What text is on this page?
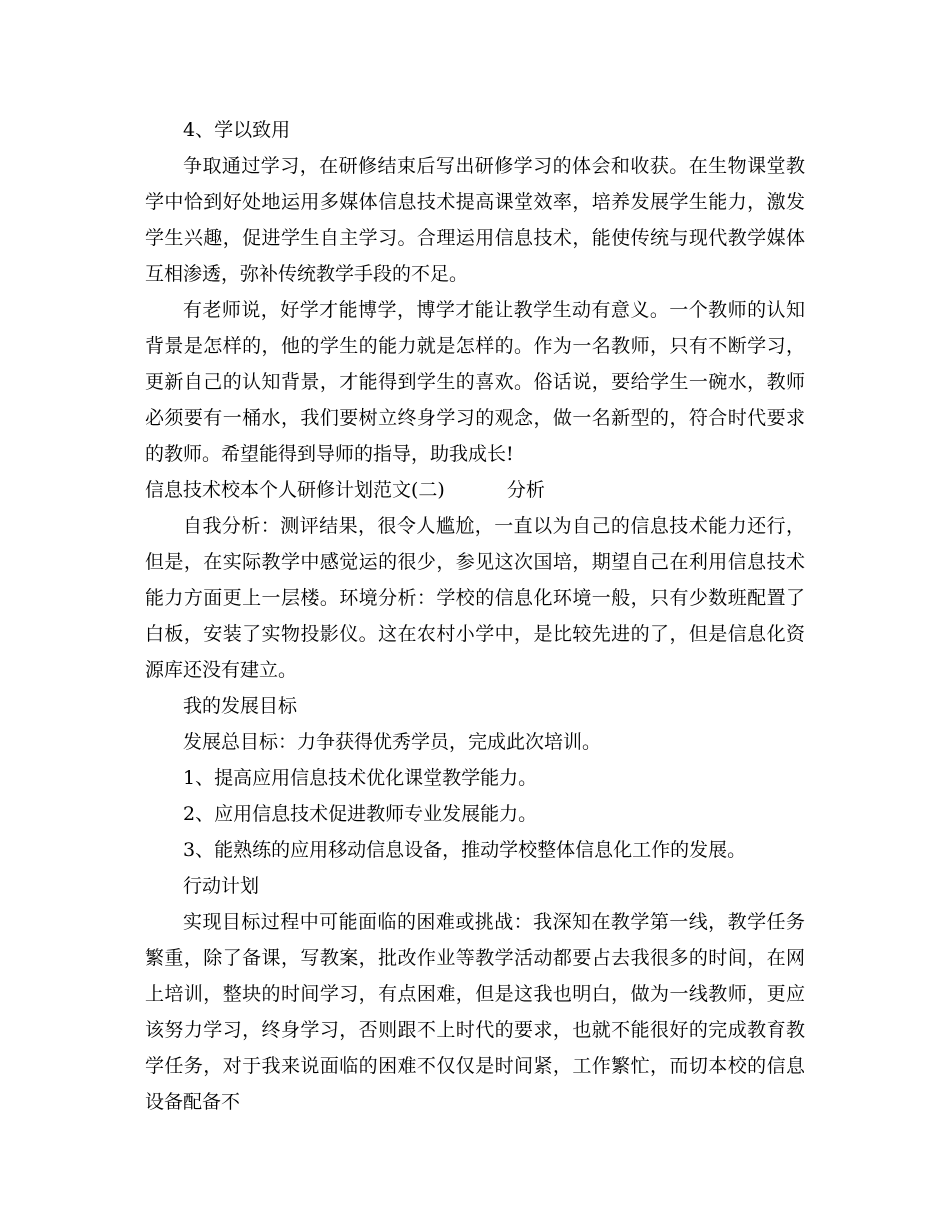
4、学以致用

争取通过学习，在研修结束后写出研修学习的体会和收获。在生物课堂教学中恰到好处地运用多媒体信息技术提高课堂效率，培养发展学生能力，激发学生兴趣，促进学生自主学习。合理运用信息技术，能使传统与现代教学媒体互相渗透，弥补传统教学手段的不足。

有老师说，好学才能博学，博学才能让教学生动有意义。一个教师的认知背景是怎样的，他的学生的能力就是怎样的。作为一名教师，只有不断学习，更新自己的认知背景，才能得到学生的喜欢。俗话说，要给学生一碗水，教师必须要有一桶水，我们要树立终身学习的观念，做一名新型的，符合时代要求的教师。希望能得到导师的指导，助我成长!

信息技术校本个人研修计划范文(二)	分析

自我分析：测评结果，很令人尴尬，一直以为自己的信息技术能力还行，但是，在实际教学中感觉运的很少，参见这次国培，期望自己在利用信息技术能力方面更上一层楼。环境分析：学校的信息化环境一般，只有少数班配置了白板，安装了实物投影仪。这在农村小学中，是比较先进的了，但是信息化资源库还没有建立。

我的发展目标

发展总目标：力争获得优秀学员，完成此次培训。

1、提高应用信息技术优化课堂教学能力。

2、应用信息技术促进教师专业发展能力。

3、能熟练的应用移动信息设备，推动学校整体信息化工作的发展。

行动计划

实现目标过程中可能面临的困难或挑战：我深知在教学第一线，教学任务繁重，除了备课，写教案，批改作业等教学活动都要占去我很多的时间，在网上培训，整块的时间学习，有点困难，但是这我也明白，做为一线教师，更应该努力学习，终身学习，否则跟不上时代的要求，也就不能很好的完成教育教学任务，对于我来说面临的困难不仅仅是时间紧，工作繁忙，而切本校的信息设备配备不
